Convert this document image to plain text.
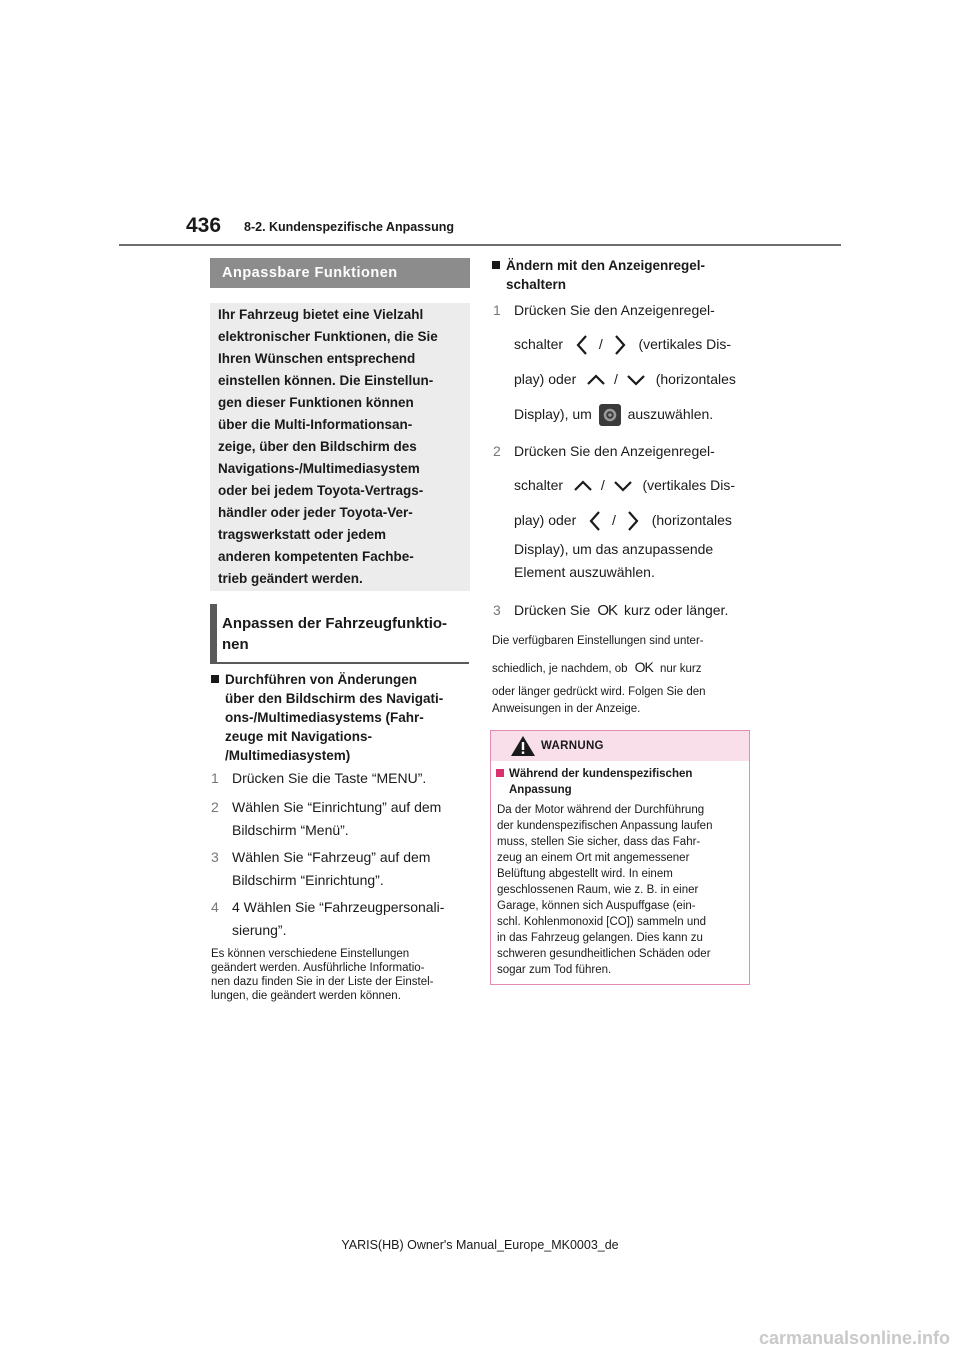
436 8-2. Kundenspezifische Anpassung
Anpassbare Funktionen
Ihr Fahrzeug bietet eine Vielzahl
elektronischer Funktionen, die Sie
Ihren Wünschen entsprechend
einstellen können. Die Einstellun-
gen dieser Funktionen können
über die Multi-Informationsan-
zeige, über den Bildschirm des
Navigations-/Multimediasystem
oder bei jedem Toyota-Vertrags-
händler oder jeder Toyota-Ver-
tragswerkstatt oder jedem
anderen kompetenten Fachbe-
trieb geändert werden.
Anpassen der Fahrzeugfunktio-
nen
Durchführen von Änderungen
über den Bildschirm des Navigati-
ons-/Multimediasystems (Fahr-
zeuge mit Navigations-
/Multimediasystem)
1 Drücken Sie die Taste “MENU”.
2 Wählen Sie “Einrichtung” auf dem
Bildschirm “Menü”.
3 Wählen Sie “Fahrzeug” auf dem
Bildschirm “Einrichtung”.
4 4 Wählen Sie “Fahrzeugpersonali-
sierung”.
Es können verschiedene Einstellungen
geändert werden. Ausführliche Informatio-
nen dazu finden Sie in der Liste der Einstel-
lungen, die geändert werden können.
Ändern mit den Anzeigenregel-
schaltern
1 Drücken Sie den Anzeigenregel-
schalter	/	(vertikales Dis-
play) oder	/	(horizontales
Display), um	auszuwählen.
2 Drücken Sie den Anzeigenregel-
schalter	/	(vertikales Dis-
play) oder	/	(horizontales
Display), um das anzupassende
Element auszuwählen.
3 Drücken Sie OK kurz oder länger.
Die verfügbaren Einstellungen sind unter-
schiedlich, je nachdem, ob OK nur kurz
oder länger gedrückt wird. Folgen Sie den
Anweisungen in der Anzeige.
WARNUNG
Während der kundenspezifischen
Anpassung
Da der Motor während der Durchführung
der kundenspezifischen Anpassung laufen
muss, stellen Sie sicher, dass das Fahr-
zeug an einem Ort mit angemessener
Belüftung abgestellt wird. In einem
geschlossenen Raum, wie z. B. in einer
Garage, können sich Auspuffgase (ein-
schl. Kohlenmonoxid [CO]) sammeln und
in das Fahrzeug gelangen. Dies kann zu
schweren gesundheitlichen Schäden oder
sogar zum Tod führen.
YARIS(HB) Owner's Manual_Europe_MK0003_de
carmanualsonline.info
